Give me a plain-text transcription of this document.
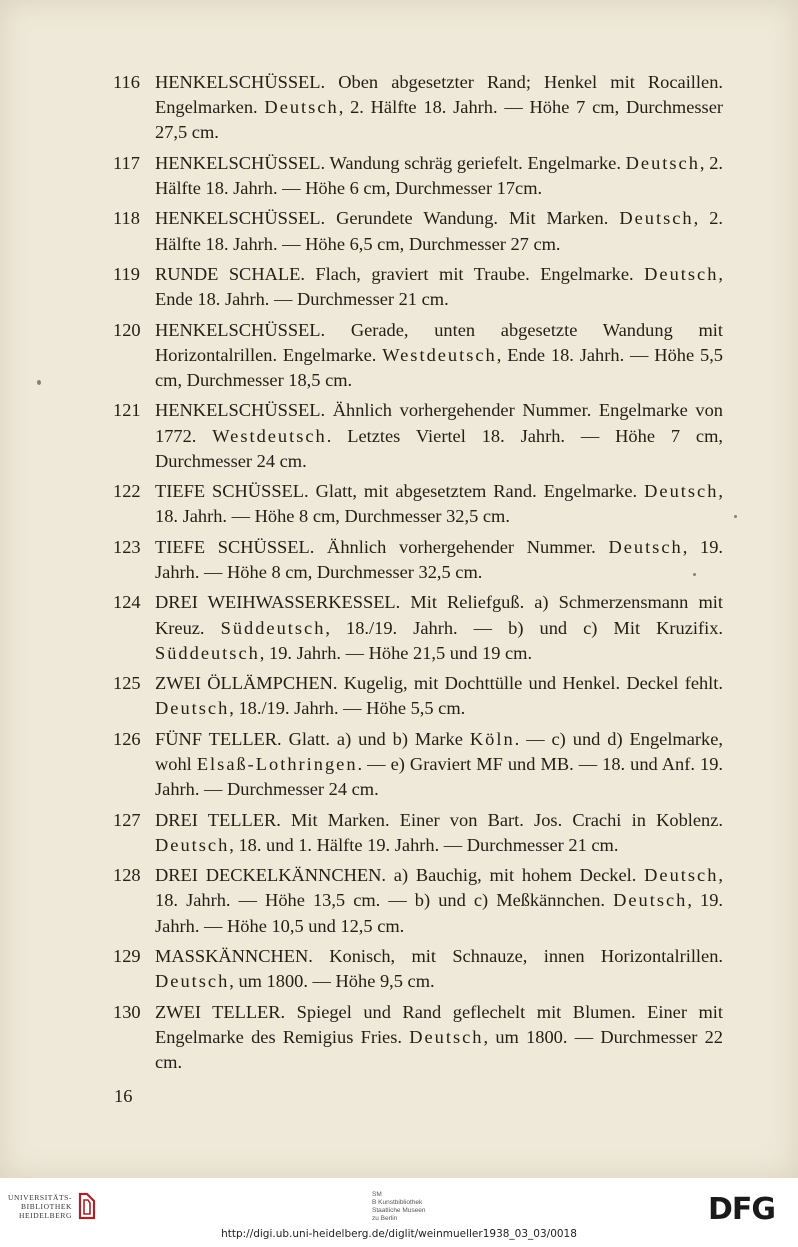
116 HENKELSCHÜSSEL. Oben abgesetzter Rand; Henkel mit Rocaillen. Engelmarken. Deutsch, 2. Hälfte 18. Jahrh. — Höhe 7 cm, Durchmesser 27,5 cm.
117 HENKELSCHÜSSEL. Wandung schräg geriefelt. Engelmarke. Deutsch, 2. Hälfte 18. Jahrh. — Höhe 6 cm, Durchmesser 17cm.
118 HENKELSCHÜSSEL. Gerundete Wandung. Mit Marken. Deutsch, 2. Hälfte 18. Jahrh. — Höhe 6,5 cm, Durchmesser 27 cm.
119 RUNDE SCHALE. Flach, graviert mit Traube. Engelmarke. Deutsch, Ende 18. Jahrh. — Durchmesser 21 cm.
120 HENKELSCHÜSSEL. Gerade, unten abgesetzte Wandung mit Horizontalrillen. Engelmarke. Westdeutsch, Ende 18. Jahrh. — Höhe 5,5 cm, Durchmesser 18,5 cm.
121 HENKELSCHÜSSEL. Ähnlich vorhergehender Nummer. Engelmarke von 1772. Westdeutsch. Letztes Viertel 18. Jahrh. — Höhe 7 cm, Durchmesser 24 cm.
122 TIEFE SCHÜSSEL. Glatt, mit abgesetztem Rand. Engelmarke. Deutsch, 18. Jahrh. — Höhe 8 cm, Durchmesser 32,5 cm.
123 TIEFE SCHÜSSEL. Ähnlich vorhergehender Nummer. Deutsch, 19. Jahrh. — Höhe 8 cm, Durchmesser 32,5 cm.
124 DREI WEIHWASSERKESSEL. Mit Reliefguß. a) Schmerzensmann mit Kreuz. Süddeutsch, 18./19. Jahrh. — b) und c) Mit Kruzifix. Süddeutsch, 19. Jahrh. — Höhe 21,5 und 19 cm.
125 ZWEI ÖLLÄMPCHEN. Kugelig, mit Dochttülle und Henkel. Deckel fehlt. Deutsch, 18./19. Jahrh. — Höhe 5,5 cm.
126 FÜNF TELLER. Glatt. a) und b) Marke Köln. — c) und d) Engelmarke, wohl Elsaß-Lothringen. — e) Graviert MF und MB. — 18. und Anf. 19. Jahrh. — Durchmesser 24 cm.
127 DREI TELLER. Mit Marken. Einer von Bart. Jos. Crachi in Koblenz. Deutsch, 18. und 1. Hälfte 19. Jahrh. — Durchmesser 21 cm.
128 DREI DECKELKÄNNCHEN. a) Bauchig, mit hohem Deckel. Deutsch, 18. Jahrh. — Höhe 13,5 cm. — b) und c) Meßkännchen. Deutsch, 19. Jahrh. — Höhe 10,5 und 12,5 cm.
129 MASSKÄNNCHEN. Konisch, mit Schnauze, innen Horizontalrillen. Deutsch, um 1800. — Höhe 9,5 cm.
130 ZWEI TELLER. Spiegel und Rand geflechelt mit Blumen. Einer mit Engelmarke des Remigius Fries. Deutsch, um 1800. — Durchmesser 22 cm.
16
UNIVERSITÄTS-
BIBLIOTHEK
HEIDELBERG
SM
B Kunstbibliothek
Staatliche Museen
zu Berlin	DFG
http://digi.ub.uni-heidelberg.de/diglit/weinmueller1938_03_03/0018
